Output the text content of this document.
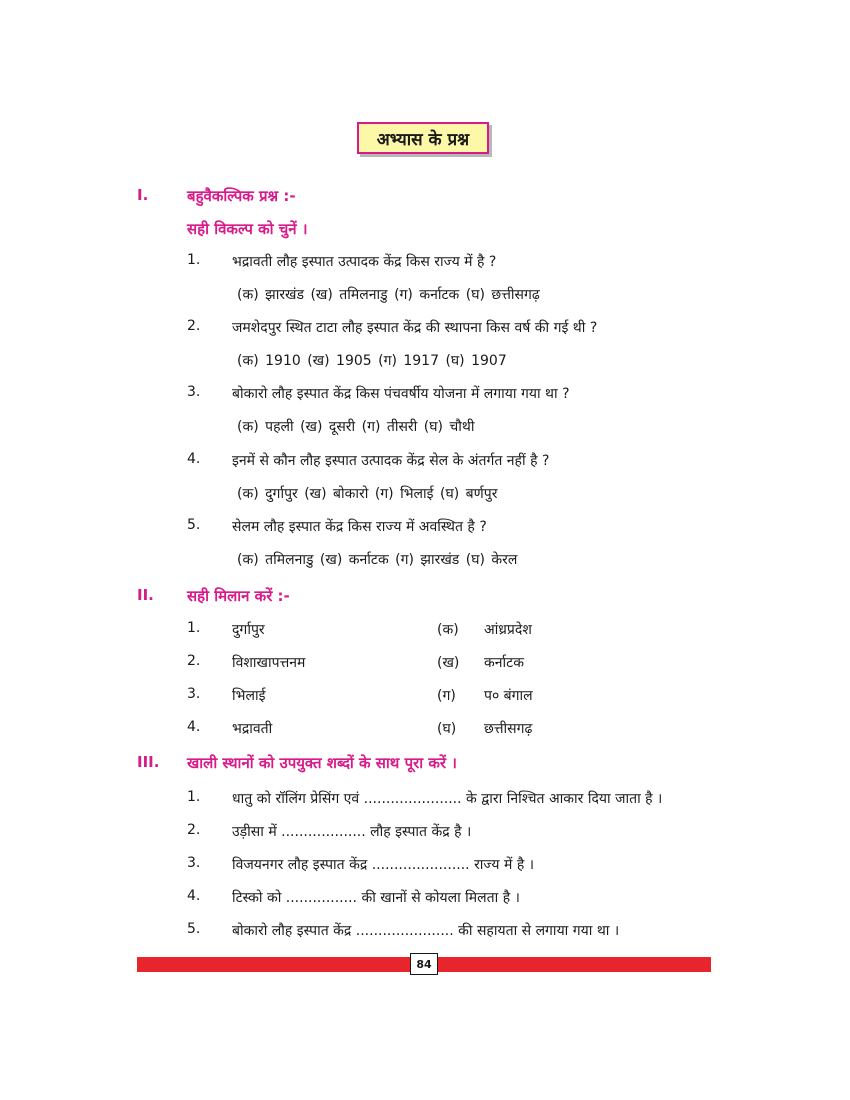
अभ्यास के प्रश्न
I.	बहुवैकल्पिक प्रश्न :-
सही विकल्प को चुनें ।
1. भद्रावती लौह इस्पात उत्पादक केंद्र किस राज्य में है ?
(क) झारखंड (ख) तमिलनाडु (ग) कर्नाटक (घ) छत्तीसगढ़
2. जमशेदपुर स्थित टाटा लौह इस्पात केंद्र की स्थापना किस वर्ष की गई थी ?
(क) 1910 (ख) 1905 (ग) 1917 (घ) 1907
3. बोकारो लौह इस्पात केंद्र किस पंचवर्षीय योजना में लगाया गया था ?
(क) पहली (ख) दूसरी (ग) तीसरी (घ) चौथी
4. इनमें से कौन लौह इस्पात उत्पादक केंद्र सेल के अंतर्गत नहीं है ?
(क) दुर्गापुर (ख) बोकारो (ग) भिलाई (घ) बर्णपुर
5. सेलम लौह इस्पात केंद्र किस राज्य में अवस्थित है ?
(क) तमिलनाडु (ख) कर्नाटक (ग) झारखंड (घ) केरल
II. सही मिलान करें :-
1. दुर्गापुर	(क) आंध्रप्रदेश
2. विशाखापत्तनम	(ख) कर्नाटक
3. भिलाई	(ग) प० बंगाल
4. भद्रावती	(घ) छत्तीसगढ़
III. खाली स्थानों को उपयुक्त शब्दों के साथ पूरा करें ।
1. धातु को रॉलिंग प्रेसिंग एवं ...................... के द्वारा निश्चित आकार दिया जाता है ।
2. उड़ीसा में ................... लौह इस्पात केंद्र है ।
3. विजयनगर लौह इस्पात केंद्र ...................... राज्य में है ।
4. टिस्को को ................ की खानों से कोयला मिलता है ।
5. बोकारो लौह इस्पात केंद्र ...................... की सहायता से लगाया गया था ।
84
